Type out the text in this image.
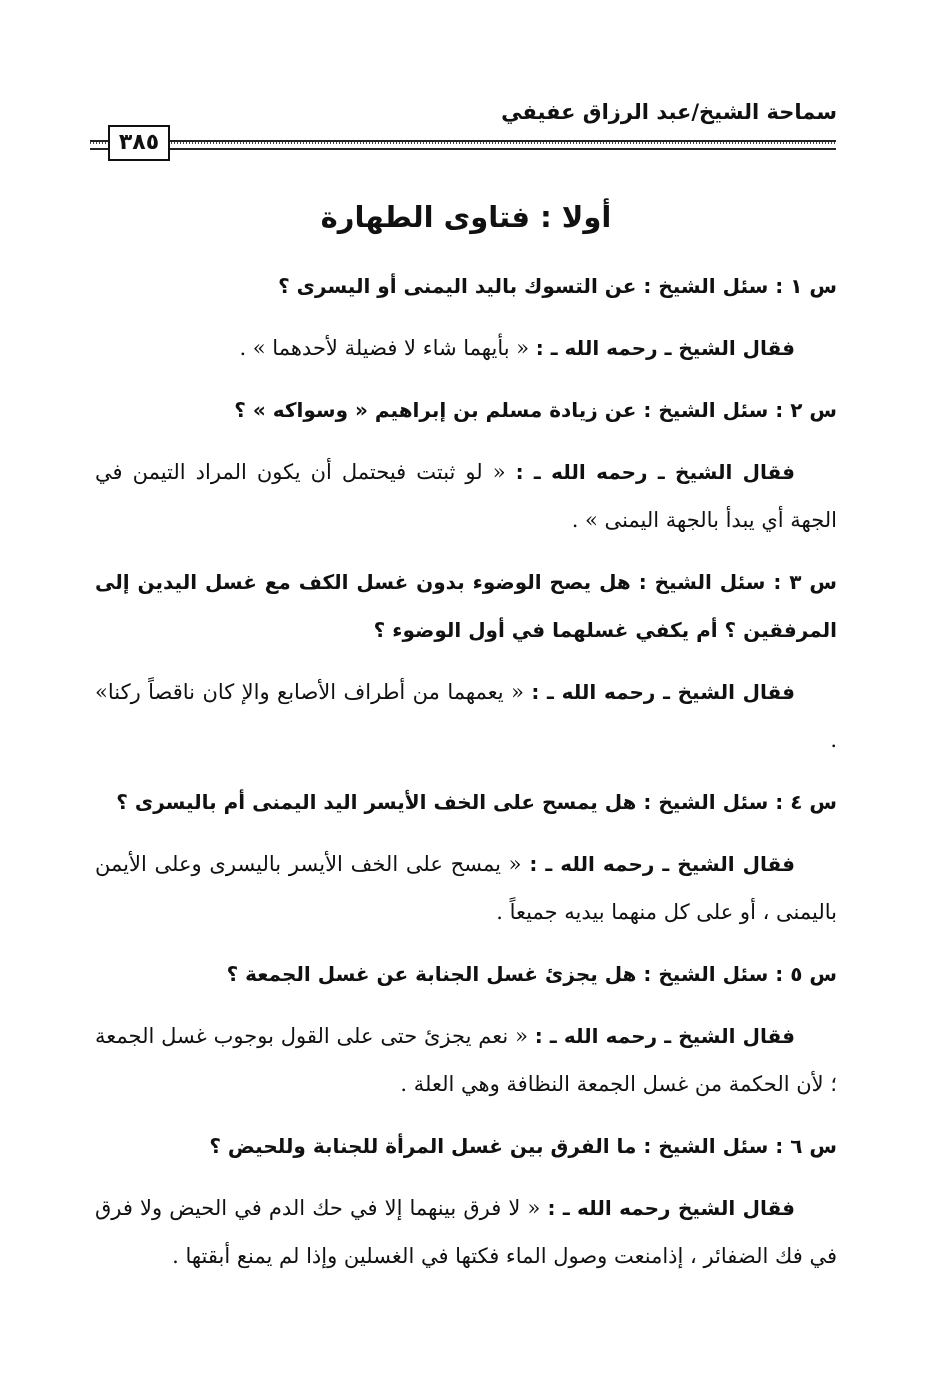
سماحة الشيخ/عبد الرزاق عفيفي
٣٨٥
أولا : فتاوى الطهارة

س ١ : سئل الشيخ : عن التسوك باليد اليمنى أو اليسرى ؟

فقال الشيخ ـ رحمه الله ـ : « بأيهما شاء لا فضيلة لأحدهما » .

س ٢ : سئل الشيخ : عن زيادة مسلم بن إبراهيم « وسواكه » ؟

فقال الشيخ ـ رحمه الله ـ : « لو ثبتت فيحتمل أن يكون المراد التيمن في الجهة أي يبدأ بالجهة اليمنى » .

س ٣ : سئل الشيخ : هل يصح الوضوء بدون غسل الكف مع غسل اليدين إلى المرفقين ؟ أم يكفي غسلهما في أول الوضوء ؟

فقال الشيخ ـ رحمه الله ـ : « يعمهما من أطراف الأصابع والإ كان ناقصاً ركنا» .

س ٤ : سئل الشيخ : هل يمسح على الخف الأيسر اليد اليمنى أم باليسرى ؟

فقال الشيخ ـ رحمه الله ـ : « يمسح على الخف الأيسر باليسرى وعلى الأيمن باليمنى ، أو على كل منهما بيديه جميعاً .

س ٥ : سئل الشيخ : هل يجزئ غسل الجنابة عن غسل الجمعة ؟

فقال الشيخ ـ رحمه الله ـ : « نعم يجزئ حتى على القول بوجوب غسل الجمعة ؛ لأن الحكمة من غسل الجمعة النظافة وهي العلة .

س ٦ : سئل الشيخ : ما الفرق بين غسل المرأة للجنابة وللحيض ؟

فقال الشيخ رحمه الله ـ : « لا فرق بينهما إلا في حك الدم في الحيض ولا فرق في فك الضفائر ، إذامنعت وصول الماء فكتها في الغسلين وإذا لم يمنع أبقتها .
